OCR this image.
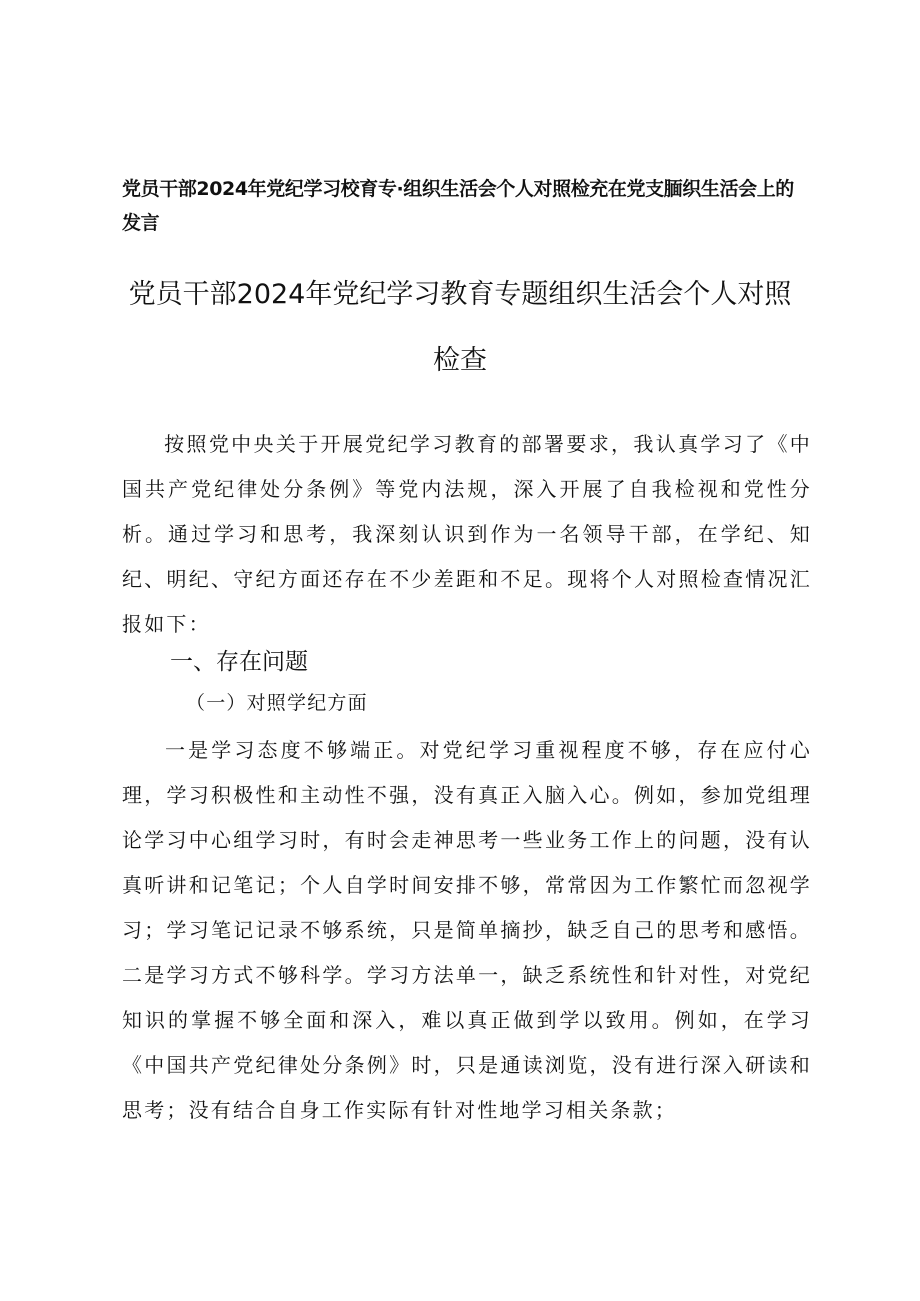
党员干部2024年党纪学习校育专·组织生活会个人对照检充在党支腼织生活会上的发言

党员干部2024年党纪学习教育专题组织生活会个人对照
检查

按照党中央关于开展党纪学习教育的部署要求，我认真学习了《中国共产党纪律处分条例》等党内法规，深入开展了自我检视和党性分析。通过学习和思考，我深刻认识到作为一名领导干部，在学纪、知纪、明纪、守纪方面还存在不少差距和不足。现将个人对照检查情况汇报如下：

一、存在问题
（一）对照学纪方面

一是学习态度不够端正。对党纪学习重视程度不够，存在应付心理，学习积极性和主动性不强，没有真正入脑入心。例如，参加党组理论学习中心组学习时，有时会走神思考一些业务工作上的问题，没有认真听讲和记笔记；个人自学时间安排不够，常常因为工作繁忙而忽视学习；学习笔记记录不够系统，只是简单摘抄，缺乏自己的思考和感悟。二是学习方式不够科学。学习方法单一，缺乏系统性和针对性，对党纪知识的掌握不够全面和深入，难以真正做到学以致用。例如，在学习《中国共产党纪律处分条例》时，只是通读浏览，没有进行深入研读和思考；没有结合自身工作实际有针对性地学习相关条款；
